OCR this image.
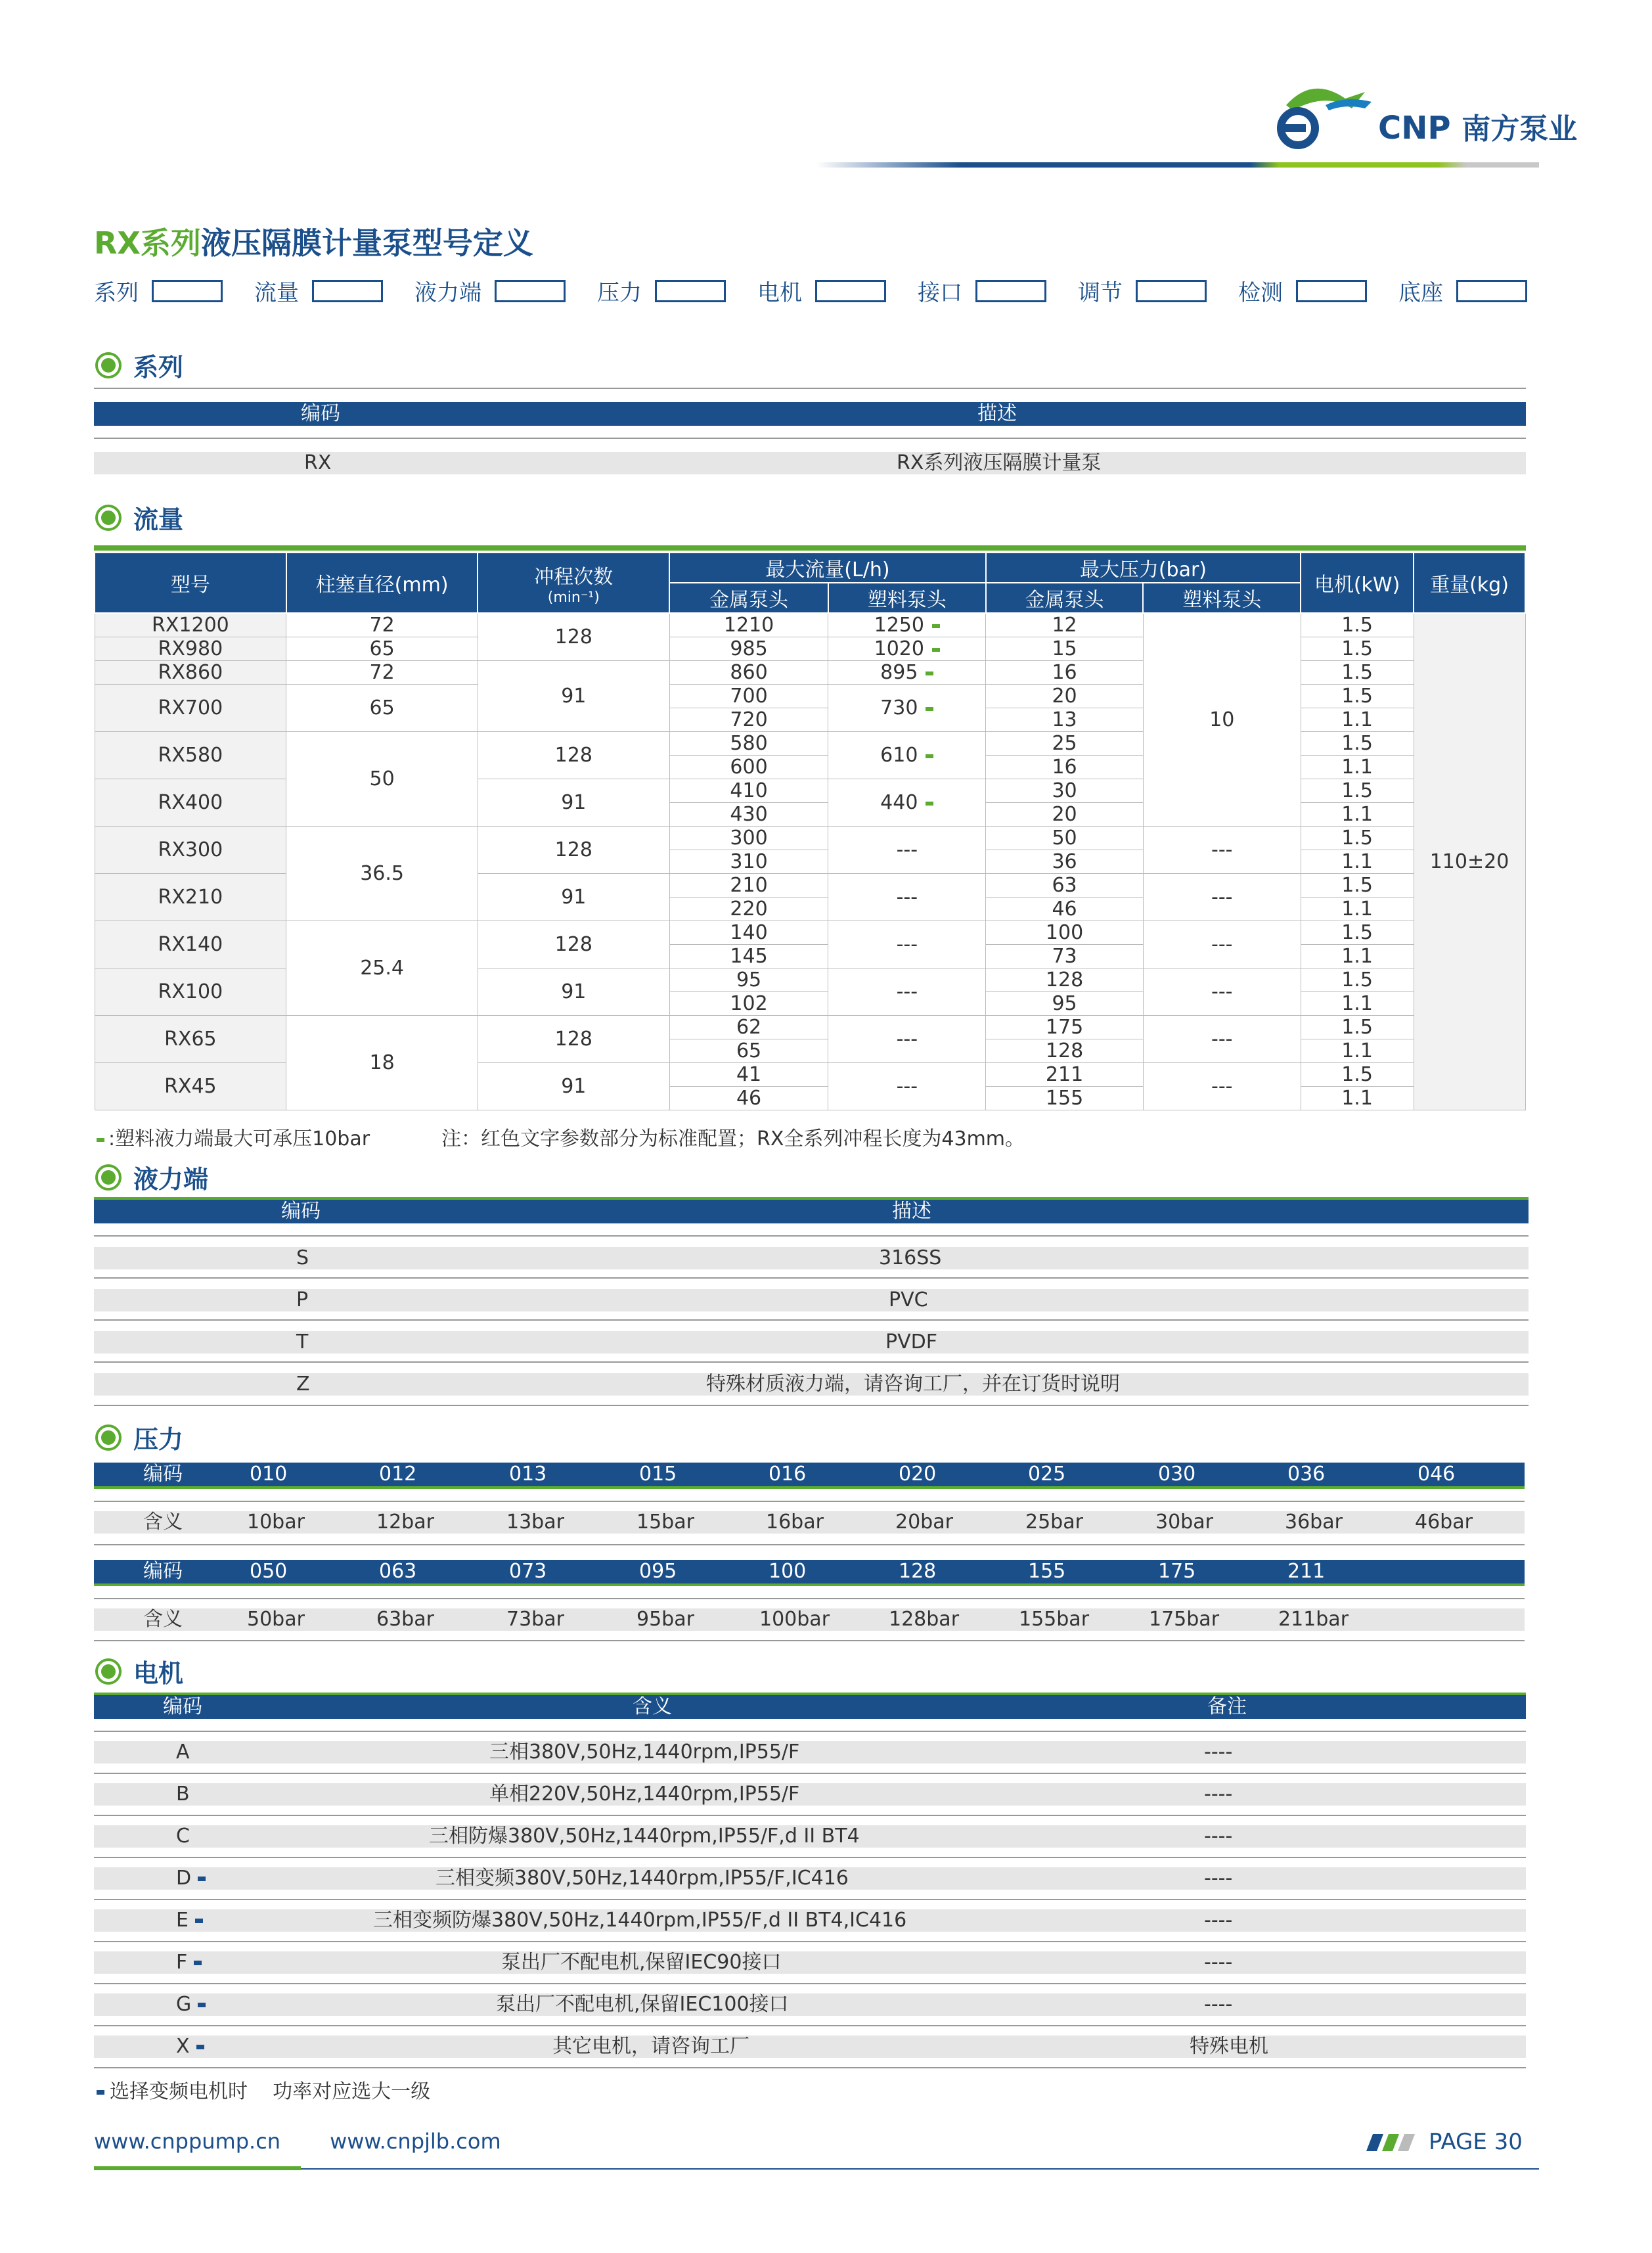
CNP 南方泵业
RX系列液压隔膜计量泵型号定义
系列	流量	液力端	压力	电机	接口	调节	检测	底座
系列
编码	描述
RX	RX系列液压隔膜计量泵
流量
型号	柱塞直径(mm)	冲程次数
(min⁻¹)	最大流量(L/h)		最大压力(bar)		电机(kW)	重量(kg)
			金属泵头	塑料泵头	金属泵头	塑料泵头		
RX1200	72	128	1210	1250	12	10	1.5	110±20
RX980	65		985	1020	15		1.5	
RX860	72	91	860	895	16		1.5	
RX700	65		700	730	20		1.5	
			720		13		1.1	
RX580	50	128	580	610	25		1.5	
			600		16		1.1	
RX400		91	410	440	30		1.5	
			430		20		1.1	
RX300	36.5	128	300	---	50	---	1.5	
			310		36		1.1	
RX210		91	210	---	63	---	1.5	
			220		46		1.1	
RX140	25.4	128	140	---	100	---	1.5	
			145		73		1.1	
RX100		91	95	---	128	---	1.5	
			102		95		1.1	
RX65	18	128	62	---	175	---	1.5	
			65		128		1.1	
RX45		91	41	---	211	---	1.5	
			46		155		1.1	
:塑料液力端最大可承压10bar	注：红色文字参数部分为标准配置；RX全系列冲程长度为43mm。
液力端
编码	描述
S	316SS
P	PVC
T	PVDF
Z	特殊材质液力端，请咨询工厂，并在订货时说明
压力
编码	010	012	013	015	016	020	025	030	036	046
含义	10bar	12bar	13bar	15bar	16bar	20bar	25bar	30bar	36bar	46bar
编码	050	063	073	095	100	128	155	175	211
含义	50bar	63bar	73bar	95bar	100bar	128bar	155bar	175bar	211bar
电机
编码	含义	备注
A	三相380V,50Hz,1440rpm,IP55/F	----
B	单相220V,50Hz,1440rpm,IP55/F	----
C	三相防爆380V,50Hz,1440rpm,IP55/F,d II BT4	----
D	三相变频380V,50Hz,1440rpm,IP55/F,IC416	----
E	三相变频防爆380V,50Hz,1440rpm,IP55/F,d II BT4,IC416	----
F	泵出厂不配电机,保留IEC90接口	----
G	泵出厂不配电机,保留IEC100接口	----
X	其它电机，请咨询工厂	特殊电机
选择变频电机时    功率对应选大一级
www.cnppump.cn www.cnpjlb.com	PAGE 30
